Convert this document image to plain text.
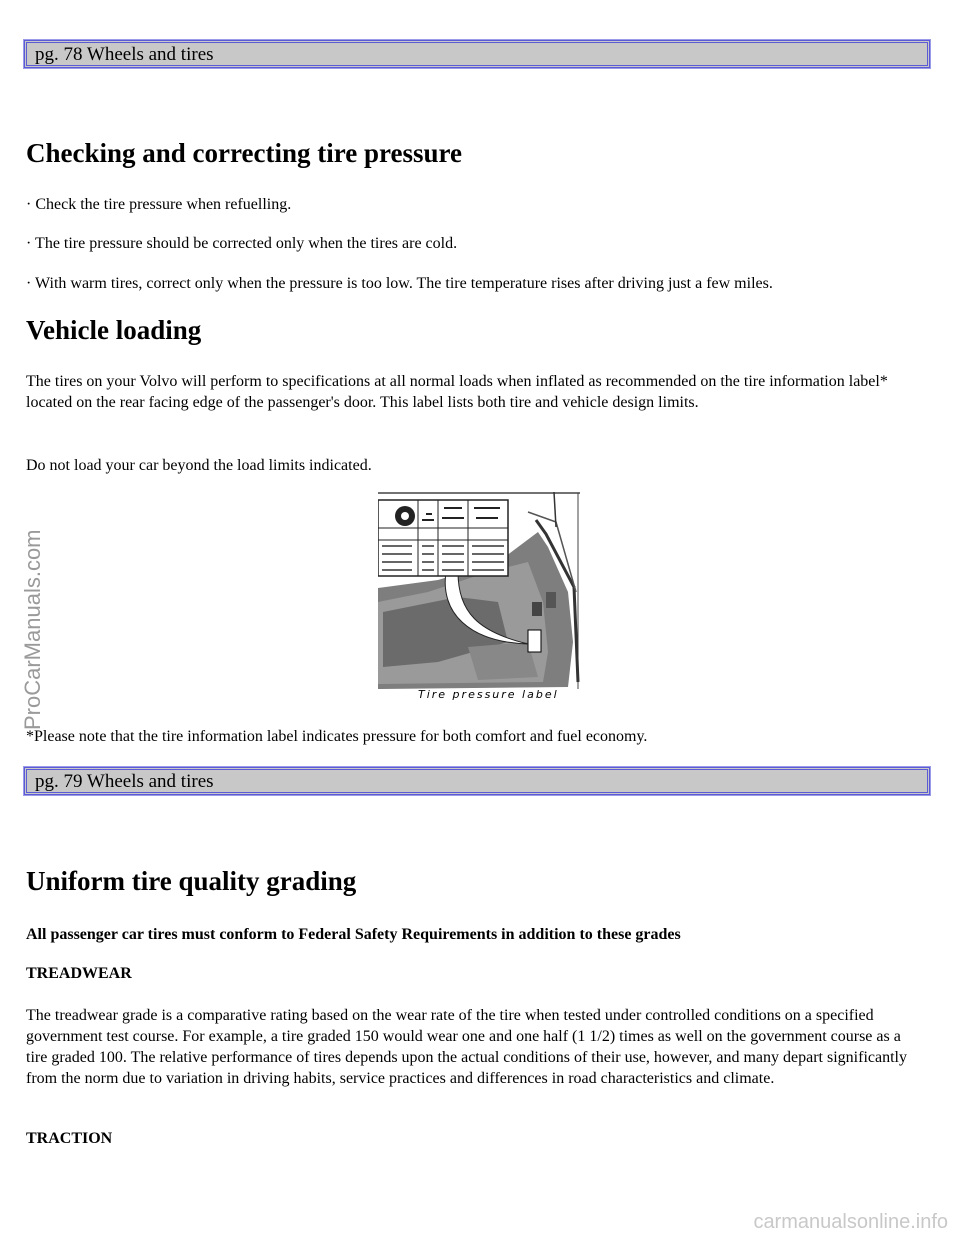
pg. 78 Wheels and tires
Checking and correcting tire pressure

· Check the tire pressure when refuelling.

· The tire pressure should be corrected only when the tires are cold.

· With warm tires, correct only when the pressure is too low. The tire temperature rises after driving just a few miles.

Vehicle loading

The tires on your Volvo will perform to specifications at all normal loads when inflated as recommended on the tire information label* located on the rear facing edge of the passenger's door. This label lists both tire and vehicle design limits.

Do not load your car beyond the load limits indicated.

Tire pressure label

*Please note that the tire information label indicates pressure for both comfort and fuel economy.

pg. 79 Wheels and tires
Uniform tire quality grading

All passenger car tires must conform to Federal Safety Requirements in addition to these grades

TREADWEAR

The treadwear grade is a comparative rating based on the wear rate of the tire when tested under controlled conditions on a specified government test course. For example, a tire graded 150 would wear one and one half (1 1/2) times as well on the government course as a tire graded 100. The relative performance of tires depends upon the actual conditions of their use, however, and many depart significantly from the norm due to variation in driving habits, service practices and differences in road characteristics and climate.

TRACTION

ProCarManuals.com
carmanualsonline.info
